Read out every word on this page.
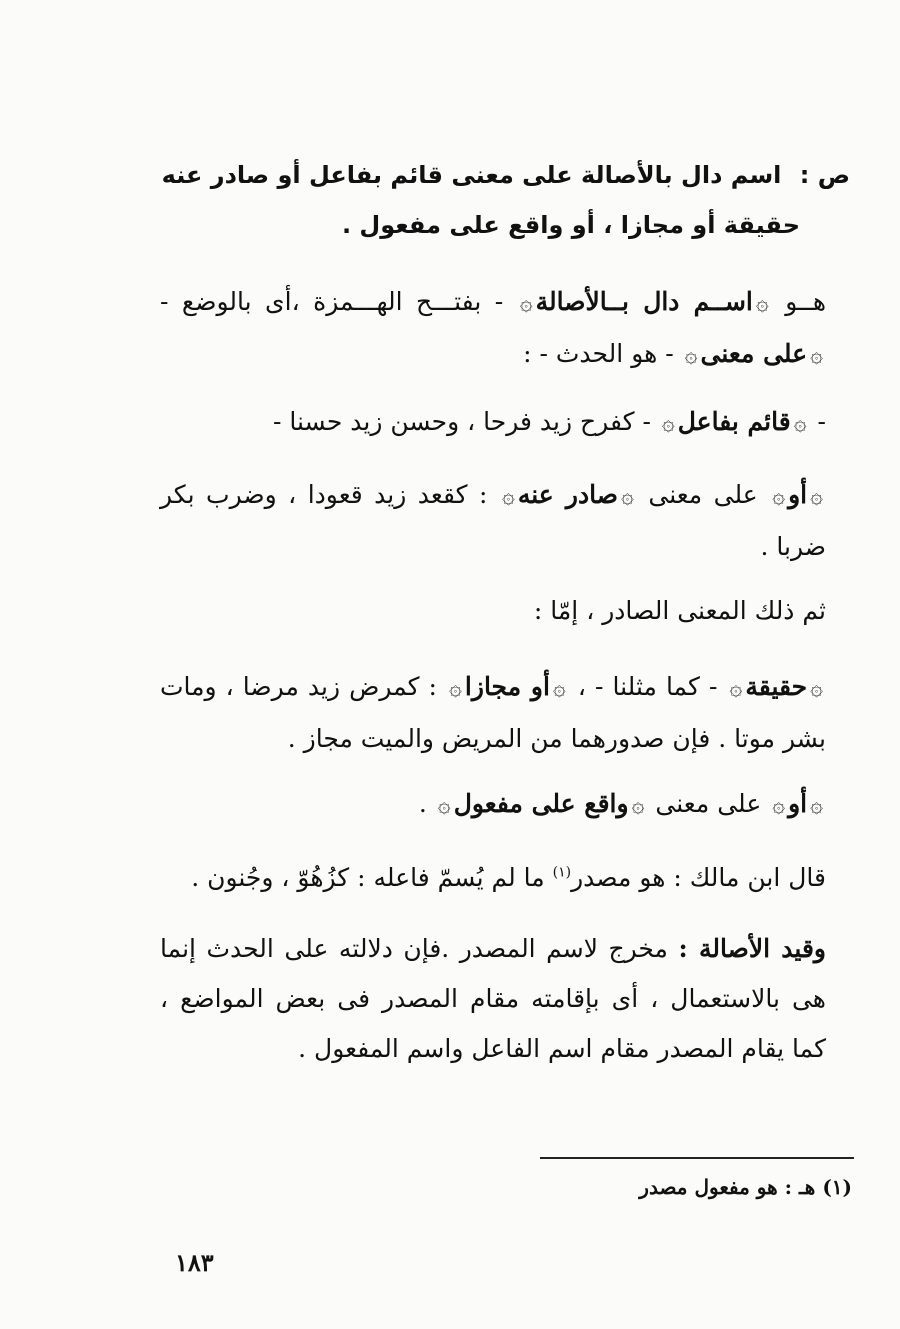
ص : اسم دال بالأصالة على معنى قائم بفاعل أو صادر عنه
حقيقة أو مجازا ، أو واقع على مفعول .
هــو ۞اســم دال بــالأصالة۞ - بفتـــح الهـــمزة ،أى بالوضع - ۞على معنى۞ - هو الحدث - :
- ۞قائم بفاعل۞ - كفرح زيد فرحا ، وحسن زيد حسنا -
۞أو۞ على معنى ۞صادر عنه۞ : كقعد زيد قعودا ، وضرب بكر ضربا .
ثم ذلك المعنى الصادر ، إمّا :
۞حقيقة۞ - كما مثلنا - ، ۞أو مجازا۞ : كمرض زيد مرضا ، ومات بشر موتا . فإن صدورهما من المريض والميت مجاز .
۞أو۞ على معنى ۞واقع على مفعول۞ .
قال ابن مالك : هو مصدر$^{(١)}$ ما لم يُسمّ فاعله : كزُهُوّ ، وجُنون .
وقيد الأصالة : مخرج لاسم المصدر .فإن دلالته على الحدث إنما هى بالاستعمال ، أى بإقامته مقام المصدر فى بعض المواضع ، كما يقام المصدر مقام اسم الفاعل واسم المفعول .
(١) هـ : هو مفعول مصدر
١٨٣
